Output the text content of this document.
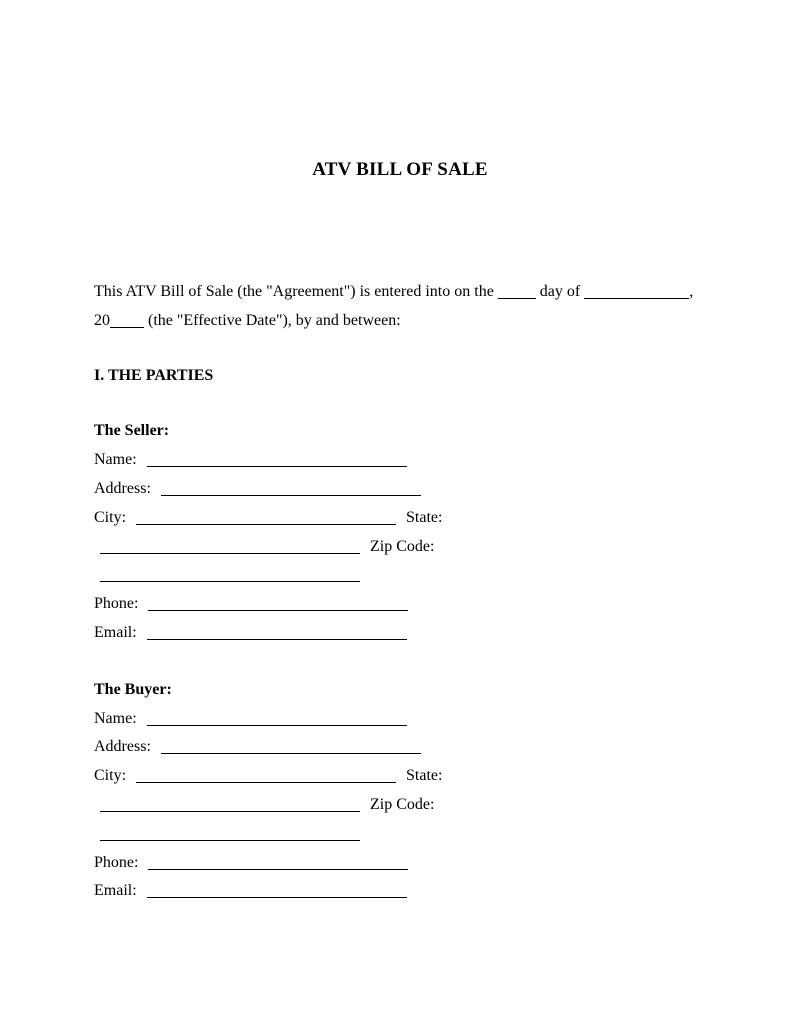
ATV BILL OF SALE
This ATV Bill of Sale (the "Agreement") is entered into on the	day of	,
20 (the "Effective Date"), by and between:
I. THE PARTIES
The Seller:
Name:
Address:
City:	State:
Zip Code:
Phone:
Email:
The Buyer:
Name:
Address:
City:	State:
Zip Code:
Phone:
Email:
